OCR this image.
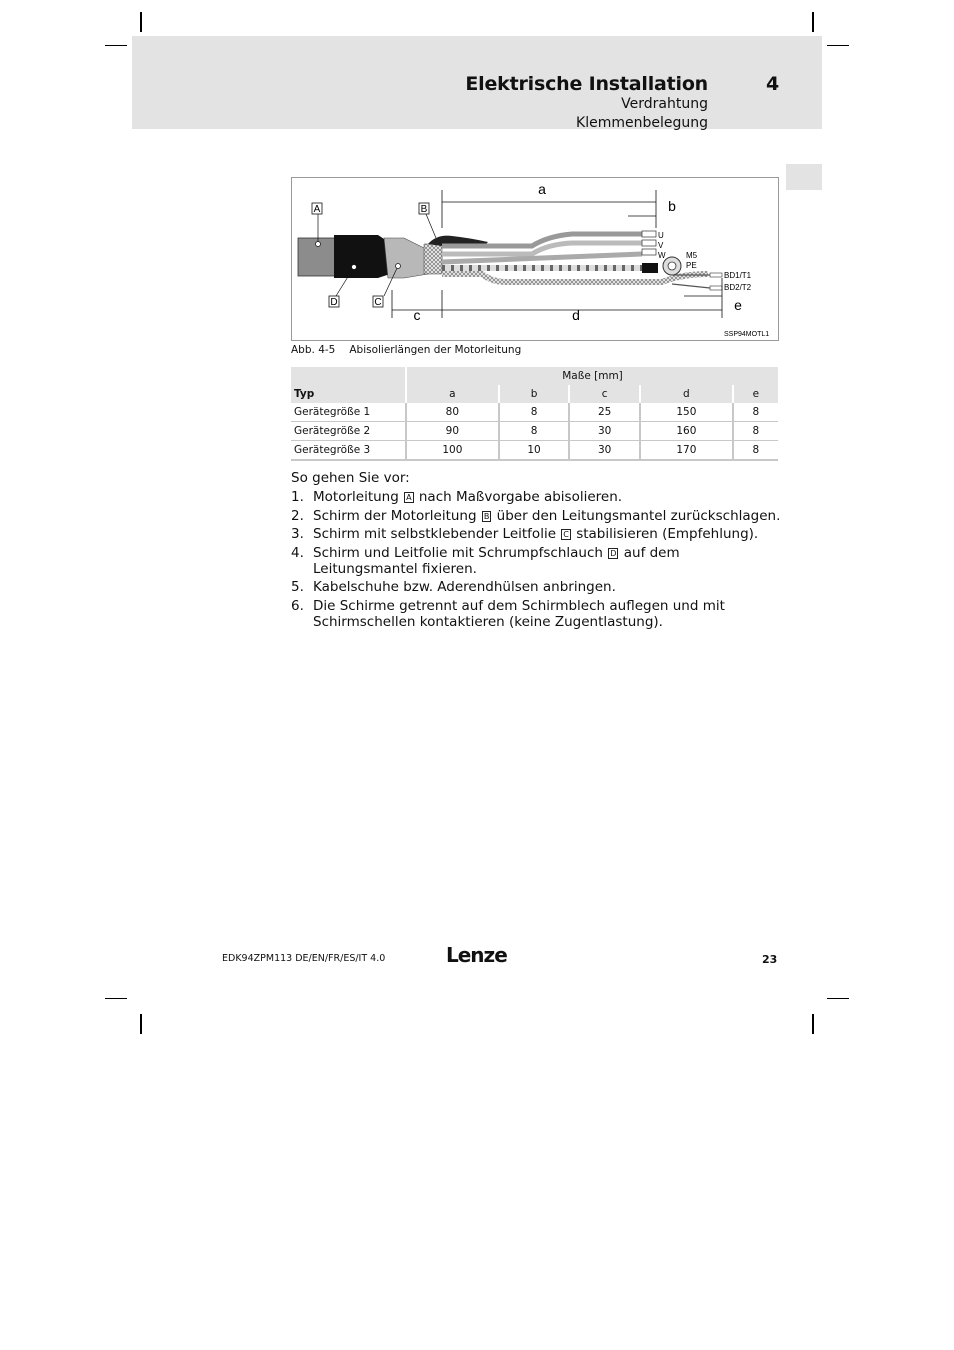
Elektrische Installation	4
Verdrahtung
Klemmenbelegung
A	B
D	C
a
b
c	d
e
U
V
W	M5
PE
BD1/T1
BD2/T2
SSP94MOTL1
Abb. 4-5 Abisolierlängen der Motorleitung
	Maße [mm]				
Typ	a	b	c	d	e
Gerätegröße 1	80	8	25	150	8
Gerätegröße 2	90	8	30	160	8
Gerätegröße 3	100	10	30	170	8
So gehen Sie vor:
1. Motorleitung A nach Maßvorgabe abisolieren.
2. Schirm der Motorleitung B über den Leitungsmantel zurückschlagen.
3. Schirm mit selbstklebender Leitfolie C stabilisieren (Empfehlung).
4. Schirm und Leitfolie mit Schrumpfschlauch D auf dem Leitungsmantel fixieren.
5. Kabelschuhe bzw. Aderendhülsen anbringen.
6. Die Schirme getrennt auf dem Schirmblech auflegen und mit Schirmschellen kontaktieren (keine Zugentlastung).
EDK94ZPM113 DE/EN/FR/ES/IT 4.0	Lenze	23
